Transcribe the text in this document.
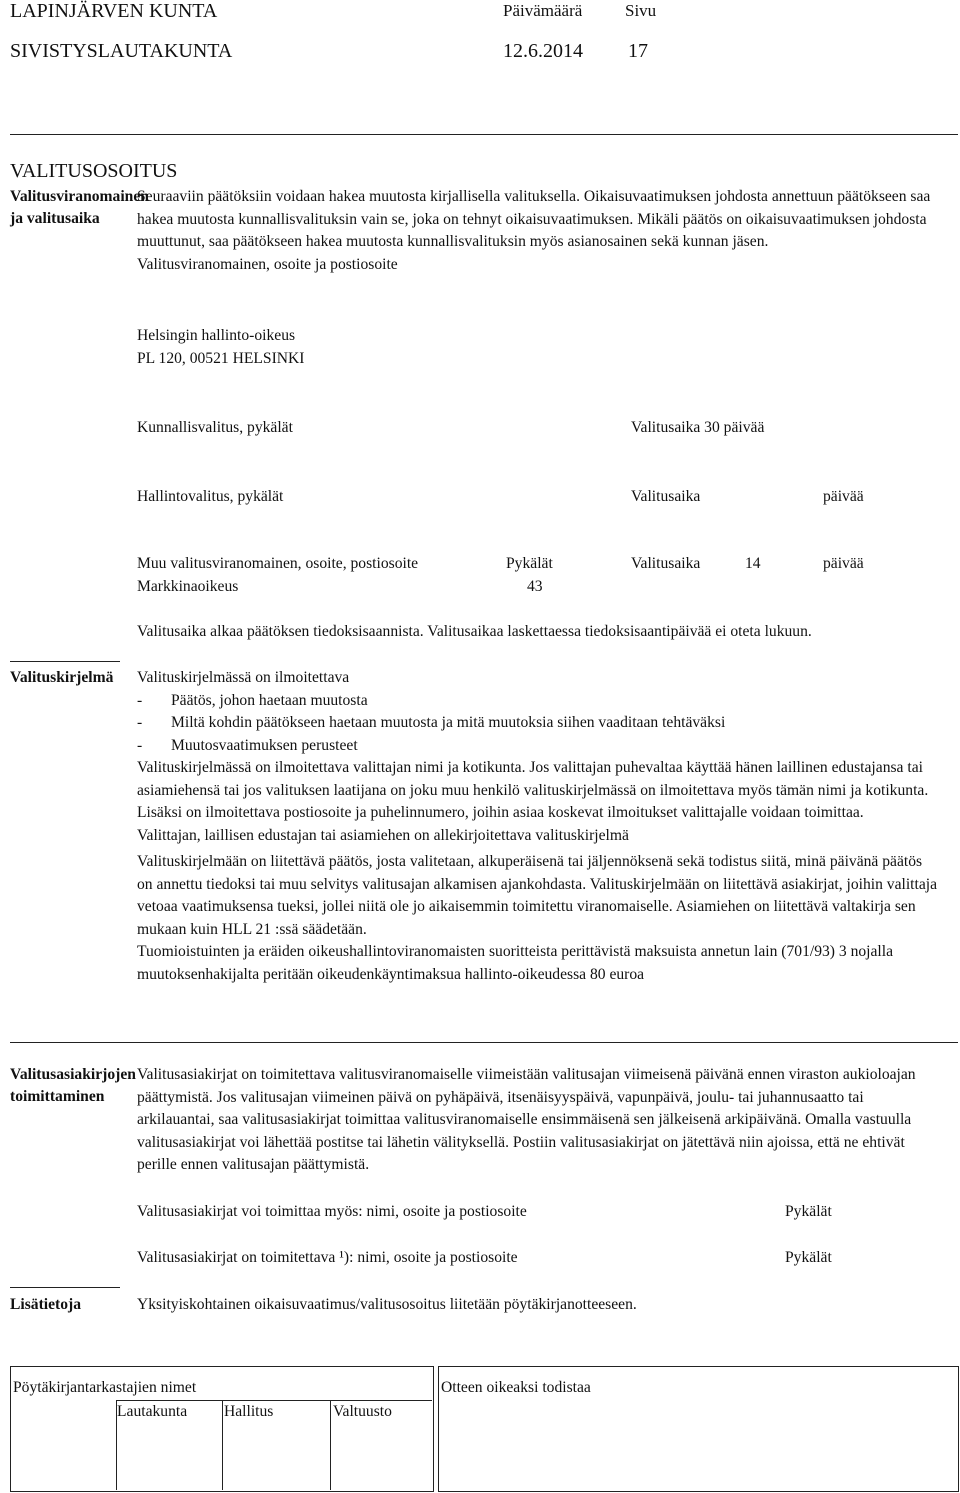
LAPINJÄRVEN KUNTA
SIVISTYSLAUTAKUNTA
Päivämäärä
12.6.2014
Sivu
17
VALITUSOSOITUS
Valitusviranomainen ja valitusaika

Seuraaviin päätöksiin voidaan hakea muutosta kirjallisella valituksella. Oikaisuvaatimuksen johdosta annettuun päätökseen saa hakea muutosta kunnallisvalituksin vain se, joka on tehnyt oikaisuvaatimuksen. Mikäli päätös on oikaisuvaatimuksen johdosta muuttunut, saa päätökseen hakea muutosta kunnallisvalituksin myös asianosainen sekä kunnan jäsen.

Valitusviranomainen, osoite ja postiosoite

Helsingin hallinto-oikeus
PL 120, 00521 HELSINKI
Kunnallisvalitus, pykälät	Valitusaika 30 päivää
Hallintovalitus, pykälät	Valitusaika	päivää
Muu valitusviranomainen, osoite, postiosoite	Pykälät	Valitusaika	14	päivää
Markkinaoikeus	43

Valitusaika alkaa päätöksen tiedoksisaannista. Valitusaikaa laskettaessa tiedoksisaantipäivää ei oteta lukuun.

Valituskirjelmä Valituskirjelmässä on ilmoitettava

- Päätös, johon haetaan muutosta

- Miltä kohdin päätökseen haetaan muutosta ja mitä muutoksia siihen vaaditaan tehtäväksi

- Muutosvaatimuksen perusteet

Valituskirjelmässä on ilmoitettava valittajan nimi ja kotikunta. Jos valittajan puhevaltaa käyttää hänen laillinen edustajansa tai asiamiehensä tai jos valituksen laatijana on joku muu henkilö valituskirjelmässä on ilmoitettava myös tämän nimi ja kotikunta. Lisäksi on ilmoitettava postiosoite ja puhelinnumero, joihin asiaa koskevat ilmoitukset valittajalle voidaan toimittaa.

Valittajan, laillisen edustajan tai asiamiehen on allekirjoitettava valituskirjelmä

Valituskirjelmään on liitettävä päätös, josta valitetaan, alkuperäisenä tai jäljennöksenä sekä todistus siitä, minä päivänä päätös on annettu tiedoksi tai muu selvitys valitusajan alkamisen ajankohdasta. Valituskirjelmään on liitettävä asiakirjat, joihin valittaja vetoaa vaatimuksensa tueksi, jollei niitä ole jo aikaisemmin toimitettu viranomaiselle. Asiamiehen on liitettävä valtakirja sen mukaan kuin HLL 21 :ssä säädetään.

Tuomioistuinten ja eräiden oikeushallintoviranomaisten suoritteista perittävistä maksuista annetun lain (701/93) 3 nojalla muutoksenhakijalta peritään oikeudenkäyntimaksua hallinto-oikeudessa 80 euroa

Valitusasiakirjojen toimittaminen

Valitusasiakirjat on toimitettava valitusviranomaiselle viimeistään valitusajan viimeisenä päivänä ennen viraston aukioloajan päättymistä. Jos valitusajan viimeinen päivä on pyhäpäivä, itsenäisyyspäivä, vapunpäivä, joulu- tai juhannusaatto tai arkilauantai, saa valitusasiakirjat toimittaa valitusviranomaiselle ensimmäisenä sen jälkeisenä arkipäivänä. Omalla vastuulla valitusasiakirjat voi lähettää postitse tai lähetin välityksellä. Postiin valitusasiakirjat on jätettävä niin ajoissa, että ne ehtivät perille ennen valitusajan päättymistä.

Valitusasiakirjat voi toimittaa myös: nimi, osoite ja postiosoite	Pykälät
Valitusasiakirjat on toimitettava ¹): nimi, osoite ja postiosoite	Pykälät
Lisätietoja	Yksityiskohtainen oikaisuvaatimus/valitusosoitus liitetään pöytäkirjanotteeseen.
Pöytäkirjantarkastajien nimet
Lautakunta Hallitus	Valtuusto
Otteen oikeaksi todistaa
